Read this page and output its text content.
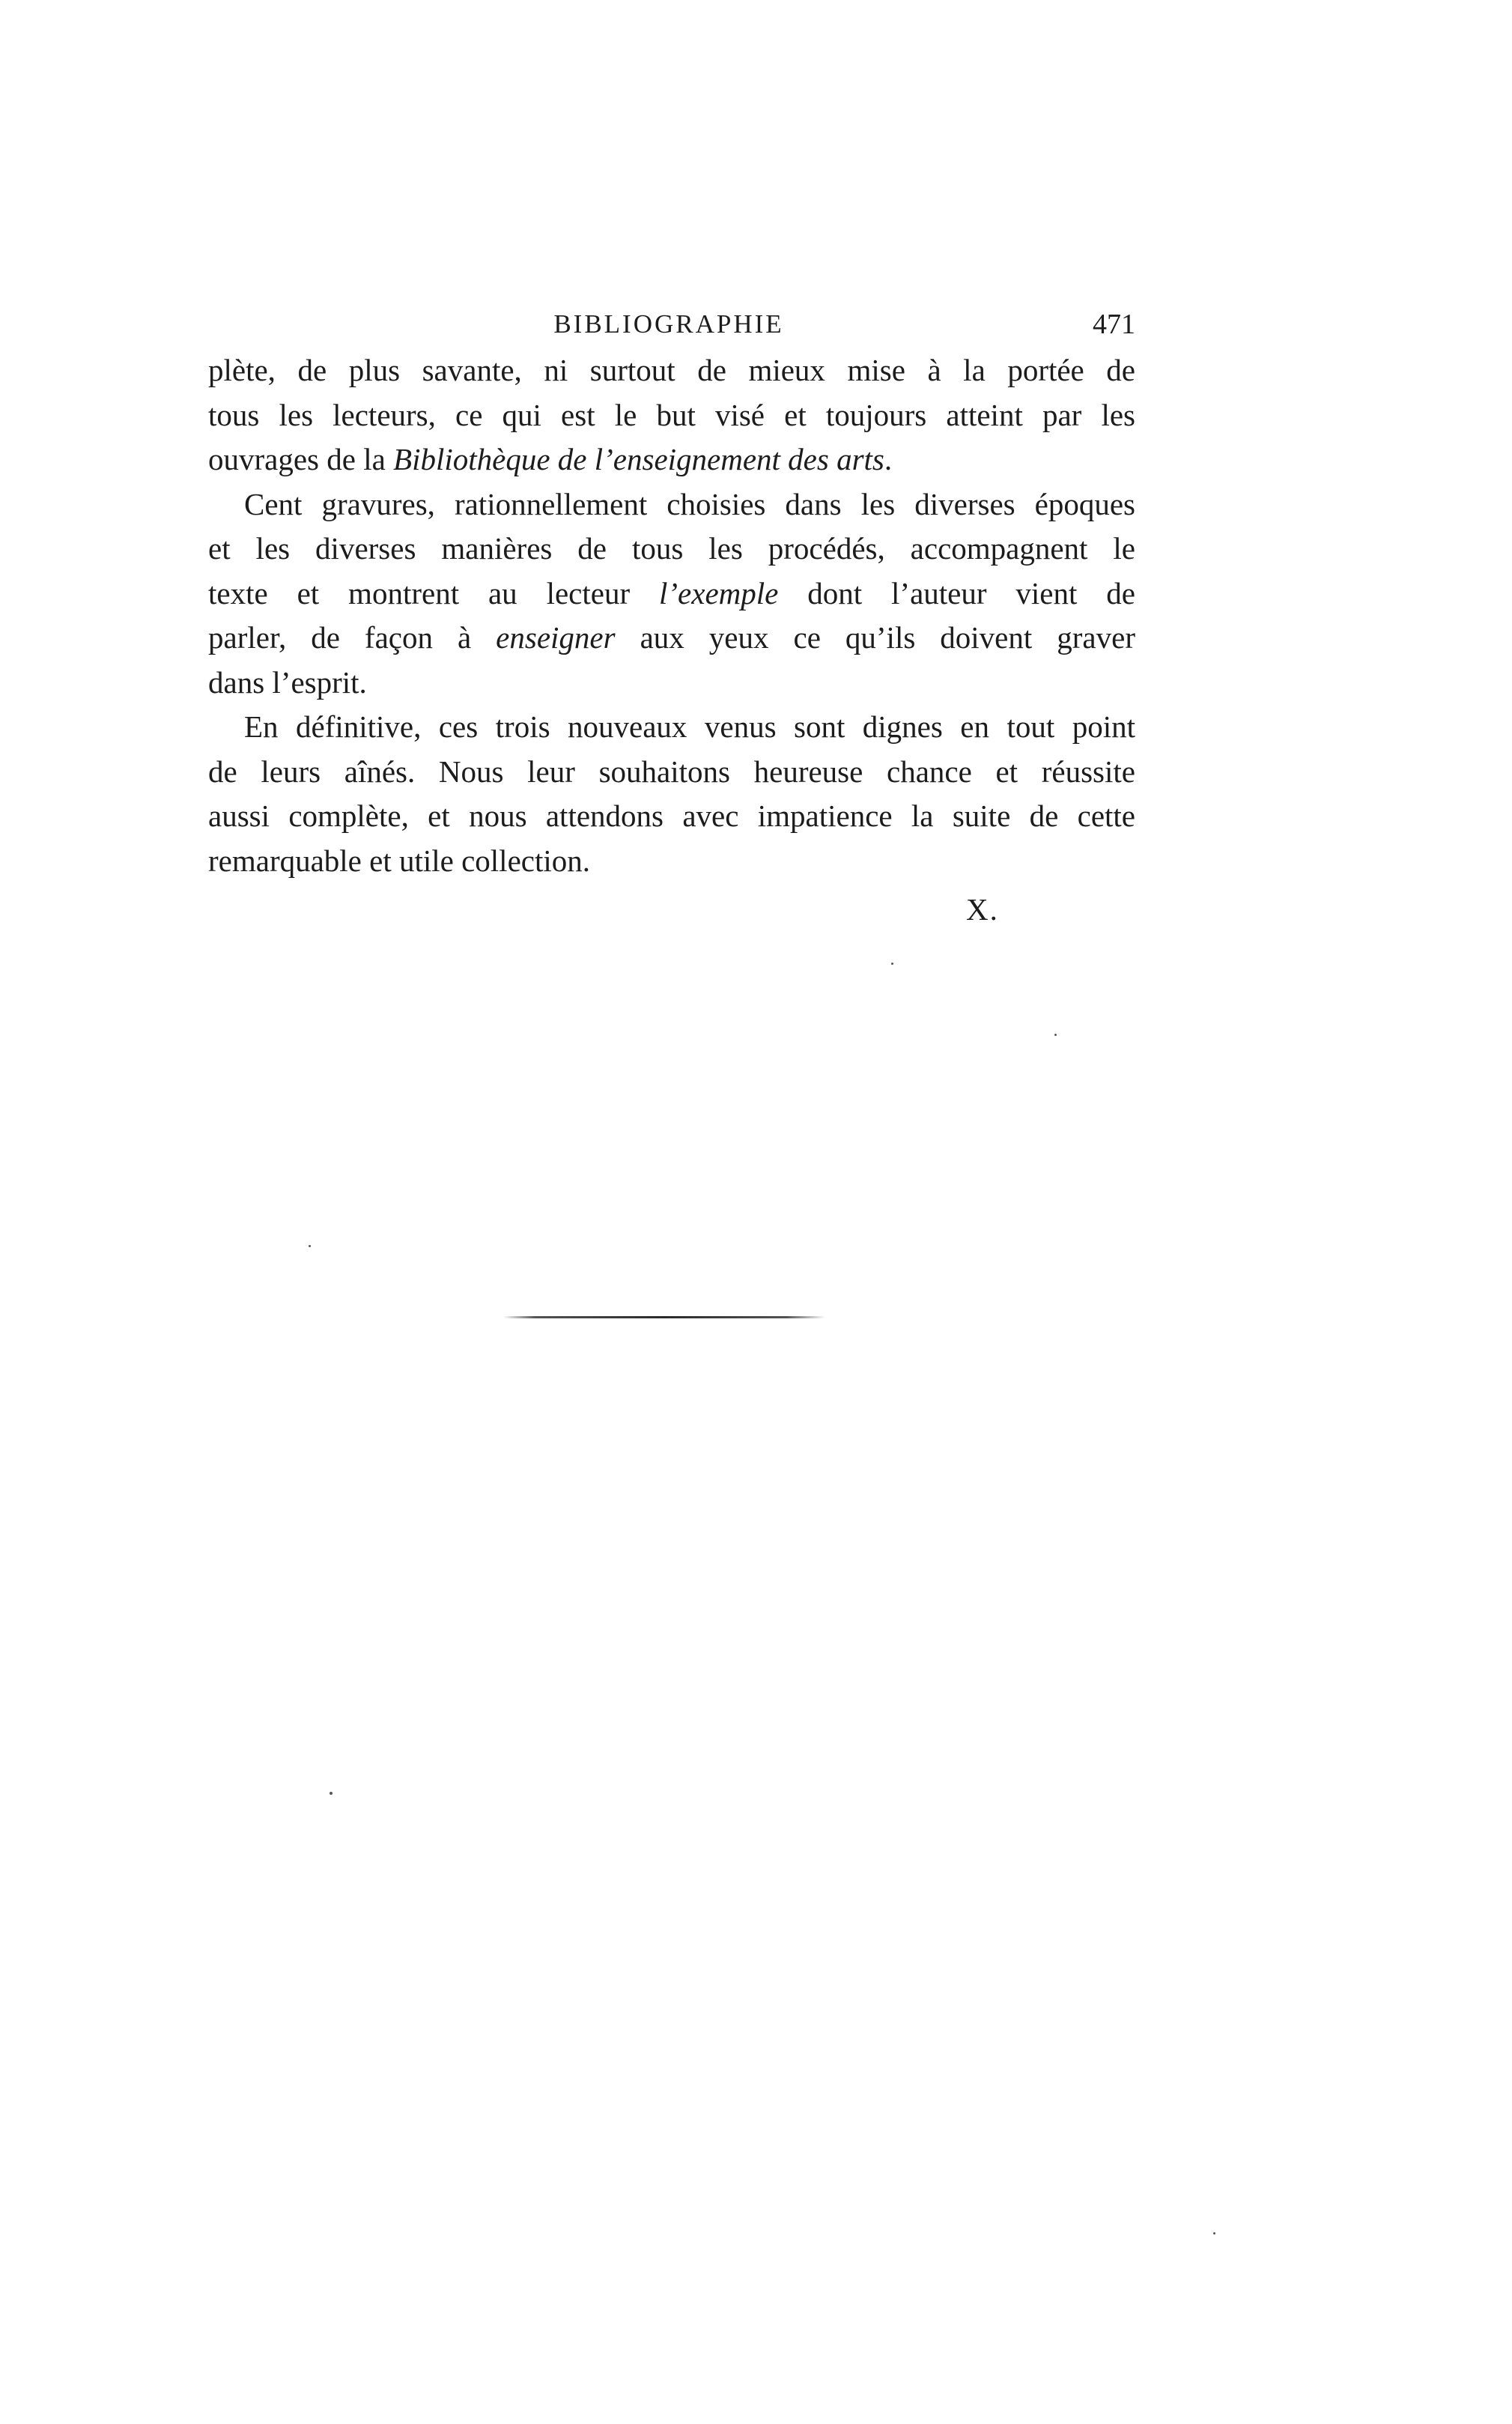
BIBLIOGRAPHIE	471

plète, de plus savante, ni surtout de mieux mise à la portée de
tous les lecteurs, ce qui est le but visé et toujours atteint par les
ouvrages de la Bibliothèque de l’enseignement des arts.

Cent gravures, rationnellement choisies dans les diverses époques
et les diverses manières de tous les procédés, accompagnent le
texte et montrent au lecteur l’exemple dont l’auteur vient de
parler, de façon à enseigner aux yeux ce qu’ils doivent graver
dans l’esprit.

En définitive, ces trois nouveaux venus sont dignes en tout point
de leurs aînés. Nous leur souhaitons heureuse chance et réussite
aussi complète, et nous attendons avec impatience la suite de cette
remarquable et utile collection.

X.
